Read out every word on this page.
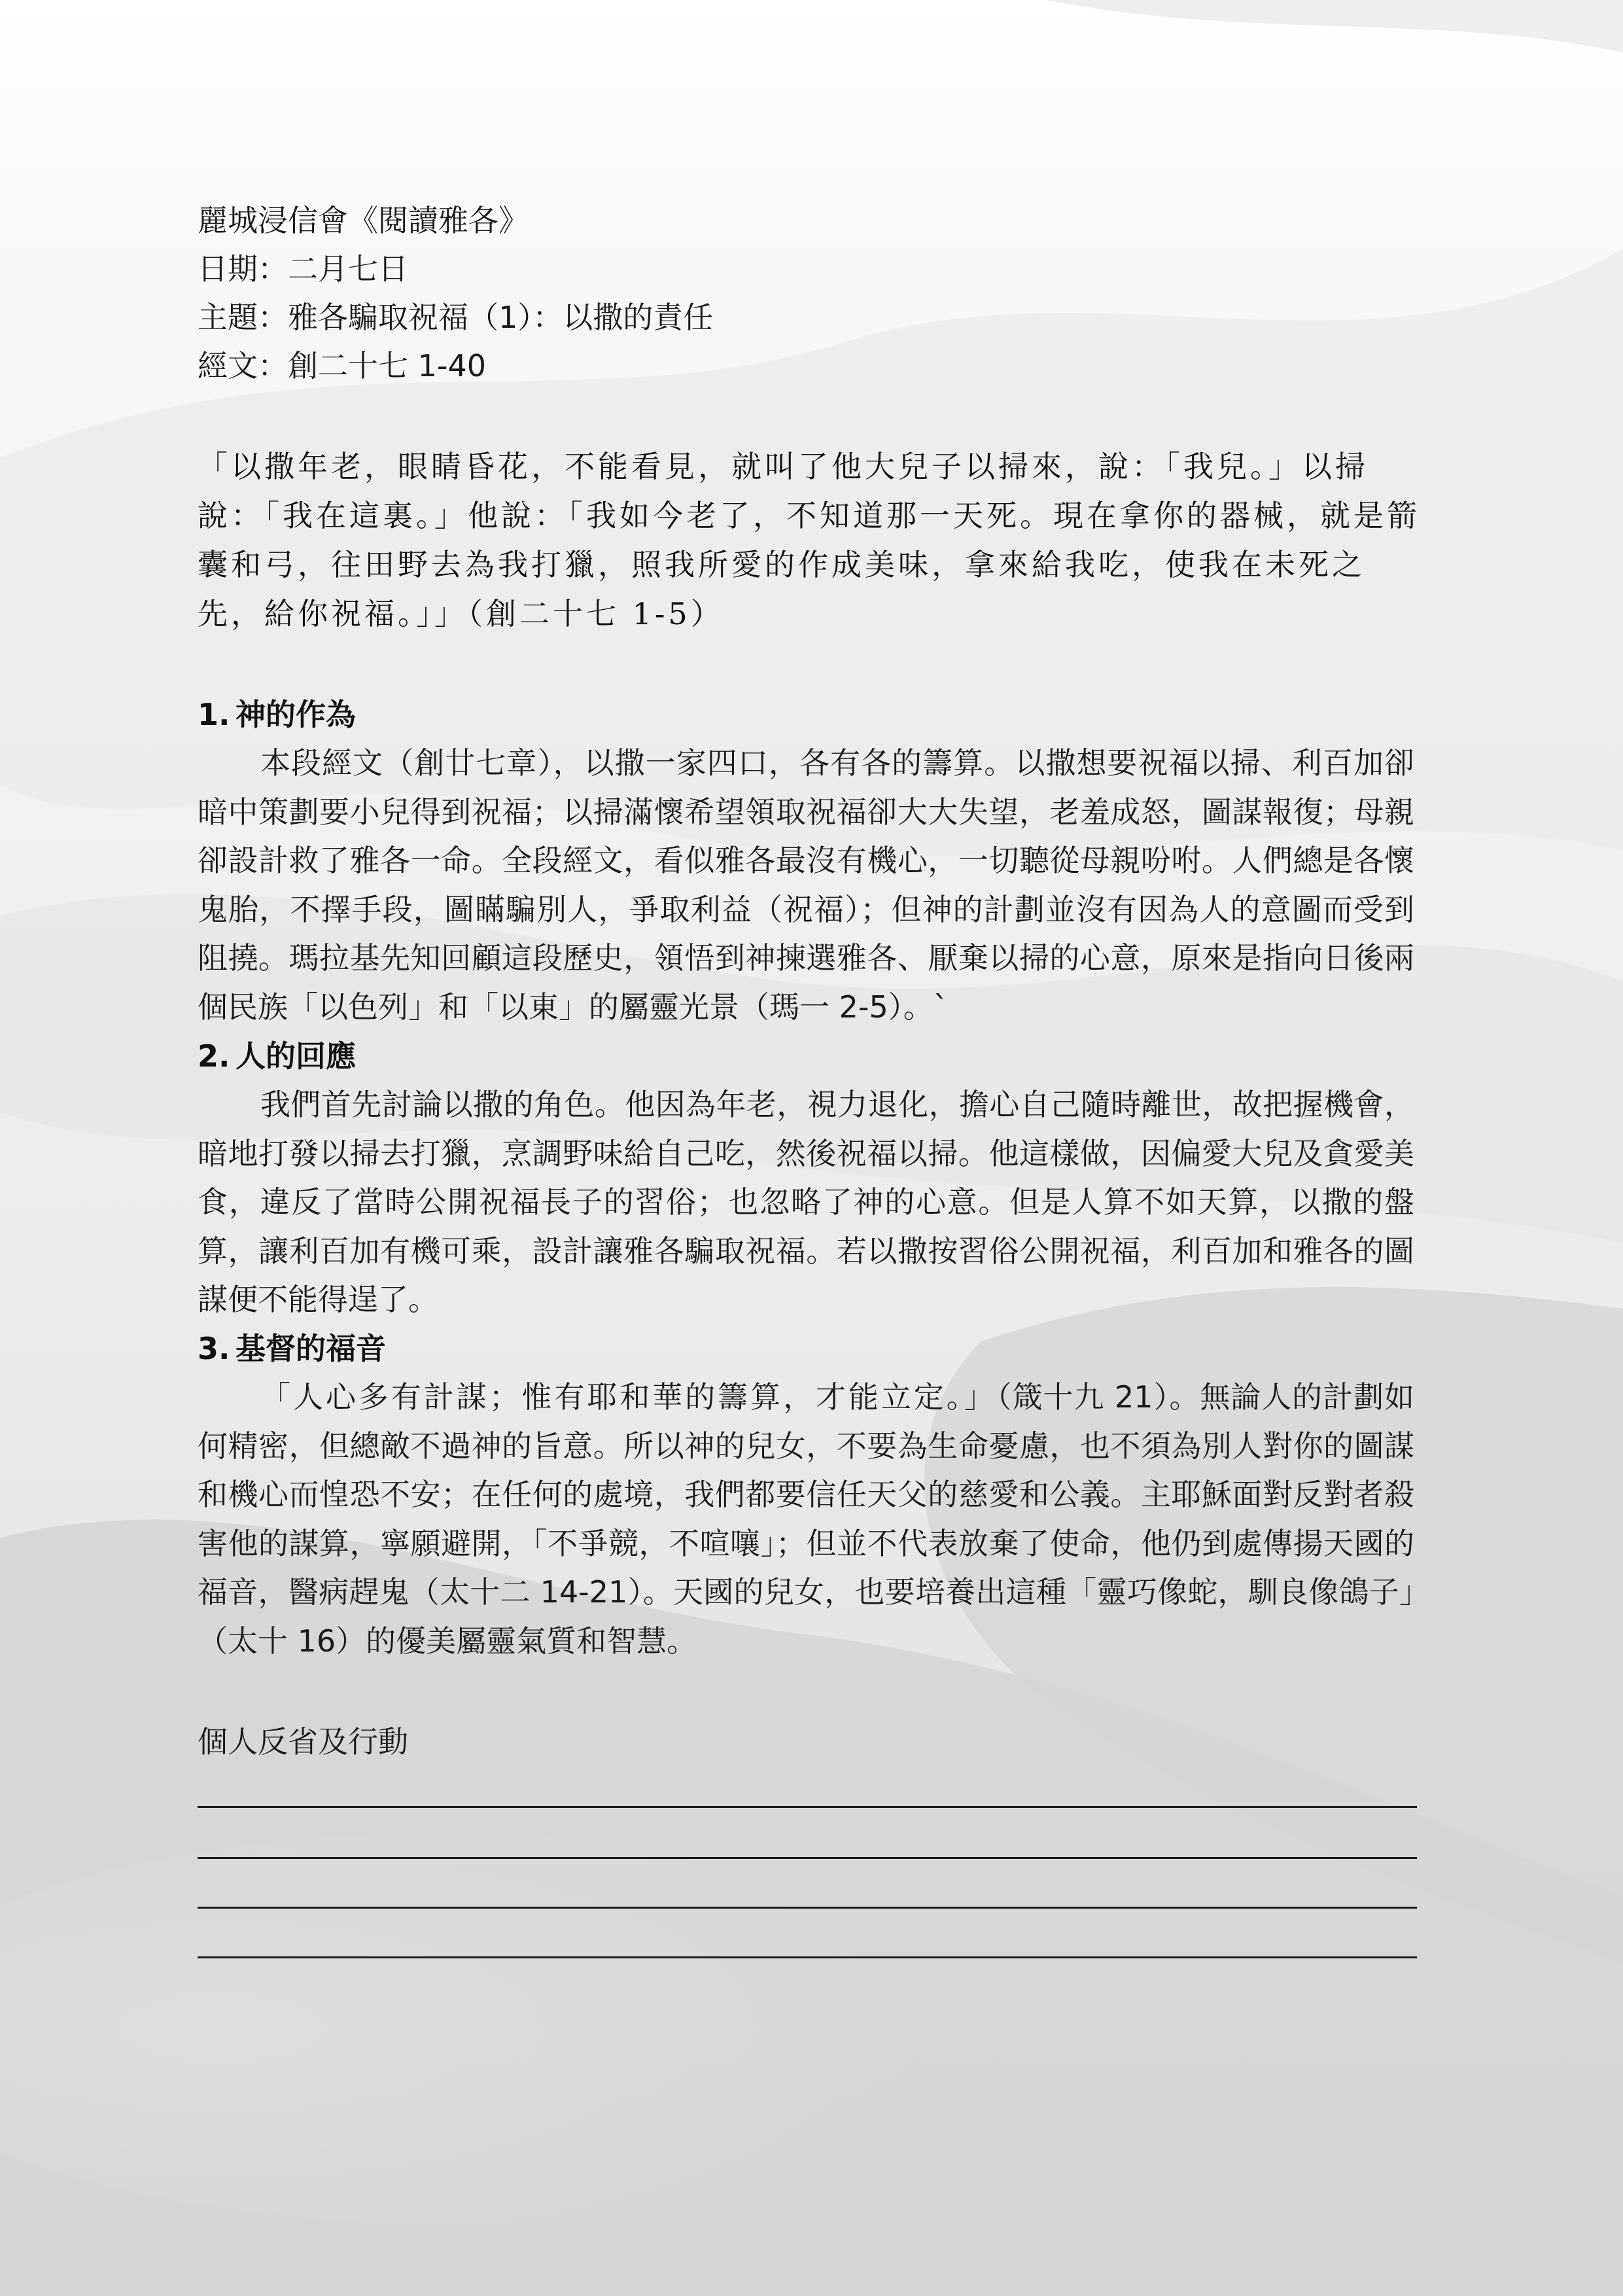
麗城浸信會《閱讀雅各》
日期：二月七日
主題：雅各騙取祝福（1）：以撒的責任
經文：創二十七 1-40
「以撒年老，眼睛昏花，不能看見，就叫了他大兒子以掃來，說：「我兒。」以掃說：「我在這裏。」他說：「我如今老了，不知道那一天死。現在拿你的器械，就是箭囊和弓，往田野去為我打獵，照我所愛的作成美味，拿來給我吃，使我在未死之先，給你祝福。」」（創二十七 1-5）
1. 神的作為
本段經文（創廿七章），以撒一家四口，各有各的籌算。以撒想要祝福以掃、利百加卻暗中策劃要小兒得到祝福；以掃滿懷希望領取祝福卻大大失望，老羞成怒，圖謀報復；母親卻設計救了雅各一命。全段經文，看似雅各最沒有機心，一切聽從母親吩咐。人們總是各懷鬼胎，不擇手段，圖瞞騙別人，爭取利益（祝福）；但神的計劃並沒有因為人的意圖而受到阻撓。瑪拉基先知回顧這段歷史，領悟到神揀選雅各、厭棄以掃的心意，原來是指向日後兩個民族「以色列」和「以東」的屬靈光景（瑪一 2-5）。`
2. 人的回應
我們首先討論以撒的角色。他因為年老，視力退化，擔心自己隨時離世，故把握機會，暗地打發以掃去打獵，烹調野味給自己吃，然後祝福以掃。他這樣做，因偏愛大兒及貪愛美食，違反了當時公開祝福長子的習俗；也忽略了神的心意。但是人算不如天算，以撒的盤算，讓利百加有機可乘，設計讓雅各騙取祝福。若以撒按習俗公開祝福，利百加和雅各的圖謀便不能得逞了。
3. 基督的福音
「人心多有計謀；惟有耶和華的籌算，才能立定。」（箴十九 21）。無論人的計劃如何精密，但總敵不過神的旨意。所以神的兒女，不要為生命憂慮，也不須為別人對你的圖謀和機心而惶恐不安；在任何的處境，我們都要信任天父的慈愛和公義。主耶穌面對反對者殺害他的謀算，寧願避開，「不爭競，不喧嚷」；但並不代表放棄了使命，他仍到處傳揚天國的福音，醫病趕鬼（太十二 14-21）。天國的兒女，也要培養出這種「靈巧像蛇，馴良像鴿子」（太十 16）的優美屬靈氣質和智慧。
個人反省及行動
